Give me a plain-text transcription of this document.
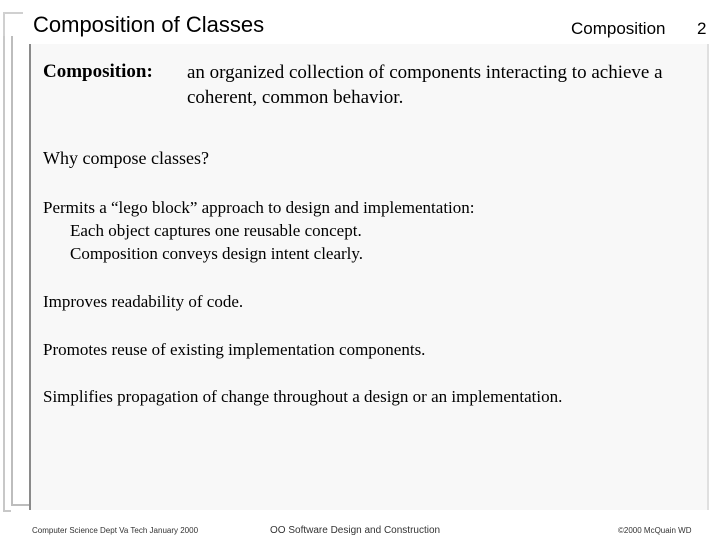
Composition of Classes	Composition 2
Composition: an organized collection of components interacting to achieve a coherent, common behavior.
Why compose classes?
Permits a “lego block” approach to design and implementation:
Each object captures one reusable concept.
Composition conveys design intent clearly.
Improves readability of code.
Promotes reuse of existing implementation components.
Simplifies propagation of change throughout a design or an implementation.
Computer Science Dept Va Tech January 2000	OO Software Design and Construction	©2000 McQuain WD
